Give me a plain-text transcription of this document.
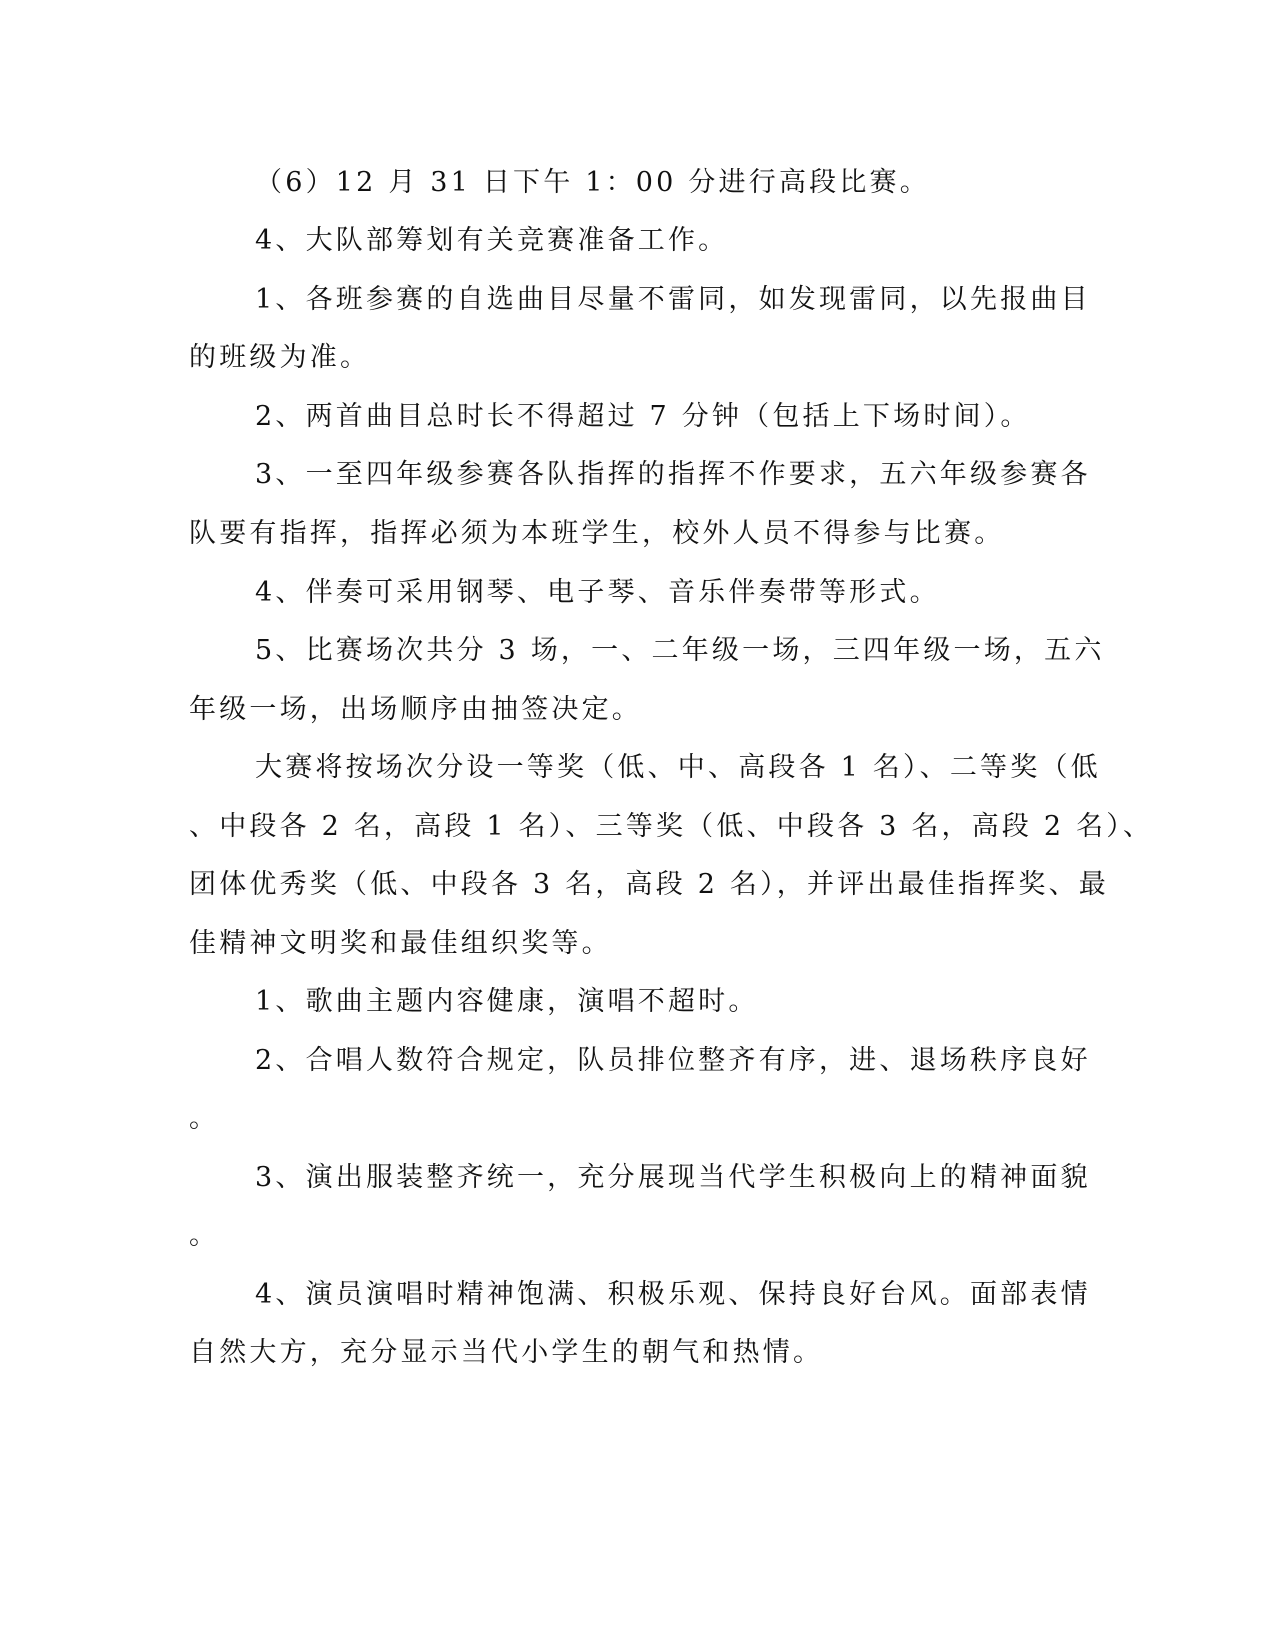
（6）12 月 31 日下午 1：00 分进行高段比赛。

4、大队部筹划有关竞赛准备工作。

1、各班参赛的自选曲目尽量不雷同，如发现雷同，以先报曲目

的班级为准。

2、两首曲目总时长不得超过 7 分钟（包括上下场时间）。

3、一至四年级参赛各队指挥的指挥不作要求，五六年级参赛各

队要有指挥，指挥必须为本班学生，校外人员不得参与比赛。

4、伴奏可采用钢琴、电子琴、音乐伴奏带等形式。

5、比赛场次共分 3 场，一、二年级一场，三四年级一场，五六

年级一场，出场顺序由抽签决定。

大赛将按场次分设一等奖（低、中、高段各 1 名）、二等奖（低

、中段各 2 名，高段 1 名）、三等奖（低、中段各 3 名，高段 2 名）、

团体优秀奖（低、中段各 3 名，高段 2 名），并评出最佳指挥奖、最

佳精神文明奖和最佳组织奖等。

1、歌曲主题内容健康，演唱不超时。

2、合唱人数符合规定，队员排位整齐有序，进、退场秩序良好

。

3、演出服装整齐统一，充分展现当代学生积极向上的精神面貌

。

4、演员演唱时精神饱满、积极乐观、保持良好台风。面部表情

自然大方，充分显示当代小学生的朝气和热情。
